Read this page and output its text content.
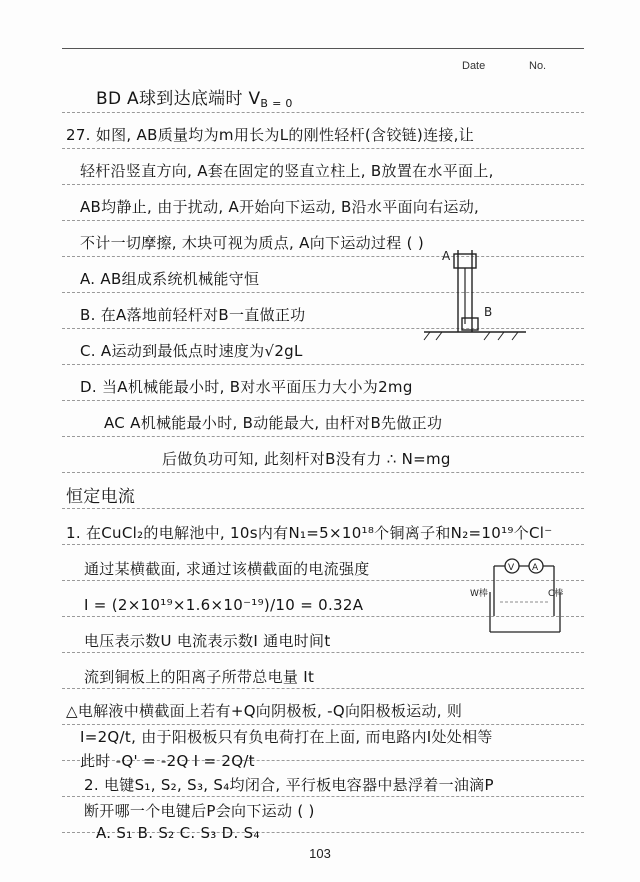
Date	No.
BD A球到达底端时 VB = 0
27. 如图, AB质量均为m用长为L的刚性轻杆(含铰链)连接,让
轻杆沿竖直方向, A套在固定的竖直立柱上, B放置在水平面上,
AB均静止, 由于扰动, A开始向下运动, B沿水平面向右运动,
不计一切摩擦, 木块可视为质点, A向下运动过程 ( )
A. AB组成系统机械能守恒
B. 在A落地前轻杆对B一直做正功
C. A运动到最低点时速度为√2gL
D. 当A机械能最小时, B对水平面压力大小为2mg
AC A机械能最小时, B动能最大, 由杆对B先做正功
后做负功可知, 此刻杆对B没有力 ∴ N=mg
恒定电流
1. 在CuCl₂的电解池中, 10s内有N₁=5×10¹⁸个铜离子和N₂=10¹⁹个Cl⁻
通过某横截面, 求通过该横截面的电流强度
I = (2×10¹⁹×1.6×10⁻¹⁹)/10 = 0.32A
电压表示数U 电流表示数I 通电时间t
流到铜板上的阳离子所带总电量 It
△电解液中横截面上若有+Q向阴极板, -Q向阳极板运动, 则
I=2Q/t, 由于阳极板只有负电荷打在上面, 而电路内I处处相等
此时 -Q' = -2Q I = 2Q/t
2. 电键S₁, S₂, S₃, S₄均闭合, 平行板电容器中悬浮着一油滴P
A
B
V A
W棒	C棒
103
断开哪一个电键后P会向下运动 ( )
A. S₁ B. S₂ C. S₃ D. S₄
